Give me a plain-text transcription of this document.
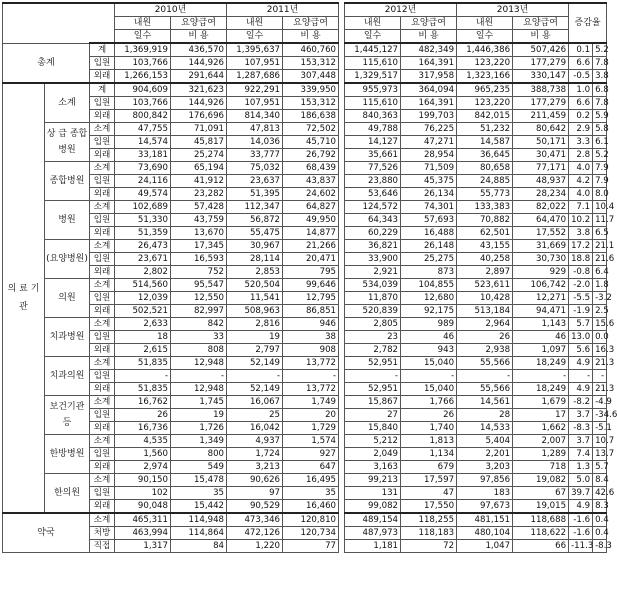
			2010년		2011년			2012년		2013년		증감율	
			내원	요양급여	내원	요양급여		내원	요양급여	내원	요양급여		
			일수	비 용	일수	비 용		일수	비 용	일수	비 용		
총계		계	1,369,919	436,570	1,395,637	460,760		1,445,127	482,349	1,446,386	507,426	0.1	5.2
		입원	103,766	144,926	107,951	153,312		115,610	164,391	123,220	177,279	6.6	7.8
		외래	1,266,153	291,644	1,287,686	307,448		1,329,517	317,958	1,323,166	330,147	-0.5	3.8
의 료 기 관	소계	계	904,609	321,623	922,291	339,950		955,973	364,094	965,235	388,738	1.0	6.8
		입원	103,766	144,926	107,951	153,312		115,610	164,391	123,220	177,279	6.6	7.8
		외래	800,842	176,696	814,340	186,638		840,363	199,703	842,015	211,459	0.2	5.9
	상 급 종합병원	소계	47,755	71,091	47,813	72,502		49,788	76,225	51,232	80,642	2.9	5.8
		입원	14,574	45,817	14,036	45,710		14,127	47,271	14,587	50,171	3.3	6.1
		외래	33,181	25,274	33,777	26,792		35,661	28,954	36,645	30,471	2.8	5.2
	종합병원	소계	73,690	65,194	75,032	68,439		77,526	71,509	80,658	77,171	4.0	7.9
		입원	24,116	41,912	23,637	43,837		23,880	45,375	24,885	48,937	4.2	7.9
		외래	49,574	23,282	51,395	24,602		53,646	26,134	55,773	28,234	4.0	8.0
	병원	소계	102,689	57,428	112,347	64,827		124,572	74,301	133,383	82,022	7.1	10.4
		입원	51,330	43,759	56,872	49,950		64,343	57,693	70,882	64,470	10.2	11.7
		외래	51,359	13,670	55,475	14,877		60,229	16,488	62,501	17,552	3.8	6.5
	(요양병원)	소계	26,473	17,345	30,967	21,266		36,821	26,148	43,155	31,669	17.2	21.1
		입원	23,671	16,593	28,114	20,471		33,900	25,275	40,258	30,730	18.8	21.6
		외래	2,802	752	2,853	795		2,921	873	2,897	929	-0.8	6.4
	의원	소계	514,560	95,547	520,504	99,646		534,039	104,855	523,611	106,742	-2.0	1.8
		입원	12,039	12,550	11,541	12,795		11,870	12,680	10,428	12,271	-5.5	-3.2
		외래	502,521	82,997	508,963	86,851		520,839	92,175	513,184	94,471	-1.9	2.5
	치과병원	소계	2,633	842	2,816	946		2,805	989	2,964	1,143	5.7	15.6
		입원	18	33	19	38		23	46	26	46	13.0	0.0
		외래	2,615	808	2,797	908		2,782	943	2,938	1,097	5.6	16.3
	치과의원	소계	51,835	12,948	52,149	13,772		52,951	15,040	55,566	18,249	4.9	21.3
		입원	-	-	-	-		-	-	-	-	-	-
		외래	51,835	12,948	52,149	13,772		52,951	15,040	55,566	18,249	4.9	21.3
	보건기관 등	소계	16,762	1,745	16,067	1,749		15,867	1,766	14,561	1,679	-8.2	-4.9
		입원	26	19	25	20		27	26	28	17	3.7	-34.6
		외래	16,736	1,726	16,042	1,729		15,840	1,740	14,533	1,662	-8.3	-5.1
	한방병원	소계	4,535	1,349	4,937	1,574		5,212	1,813	5,404	2,007	3.7	10.7
		입원	1,560	800	1,724	927		2,049	1,134	2,201	1,289	7.4	13.7
		외래	2,974	549	3,213	647		3,163	679	3,203	718	1.3	5.7
	한의원	소계	90,150	15,478	90,626	16,495		99,213	17,597	97,856	19,082	5.0	8.4
		입원	102	35	97	35		131	47	183	67	39.7	42.6
		외래	90,048	15,442	90,529	16,460		99,082	17,550	97,673	19,015	4.9	8.3
약국		소계	465,311	114,948	473,346	120,810		489,154	118,255	481,151	118,688	-1.6	0.4
		처방	463,994	114,864	472,126	120,734		487,973	118,183	480,104	118,622	-1.6	0.4
		직접	1,317	84	1,220	77		1,181	72	1,047	66	-11.3	-8.3
